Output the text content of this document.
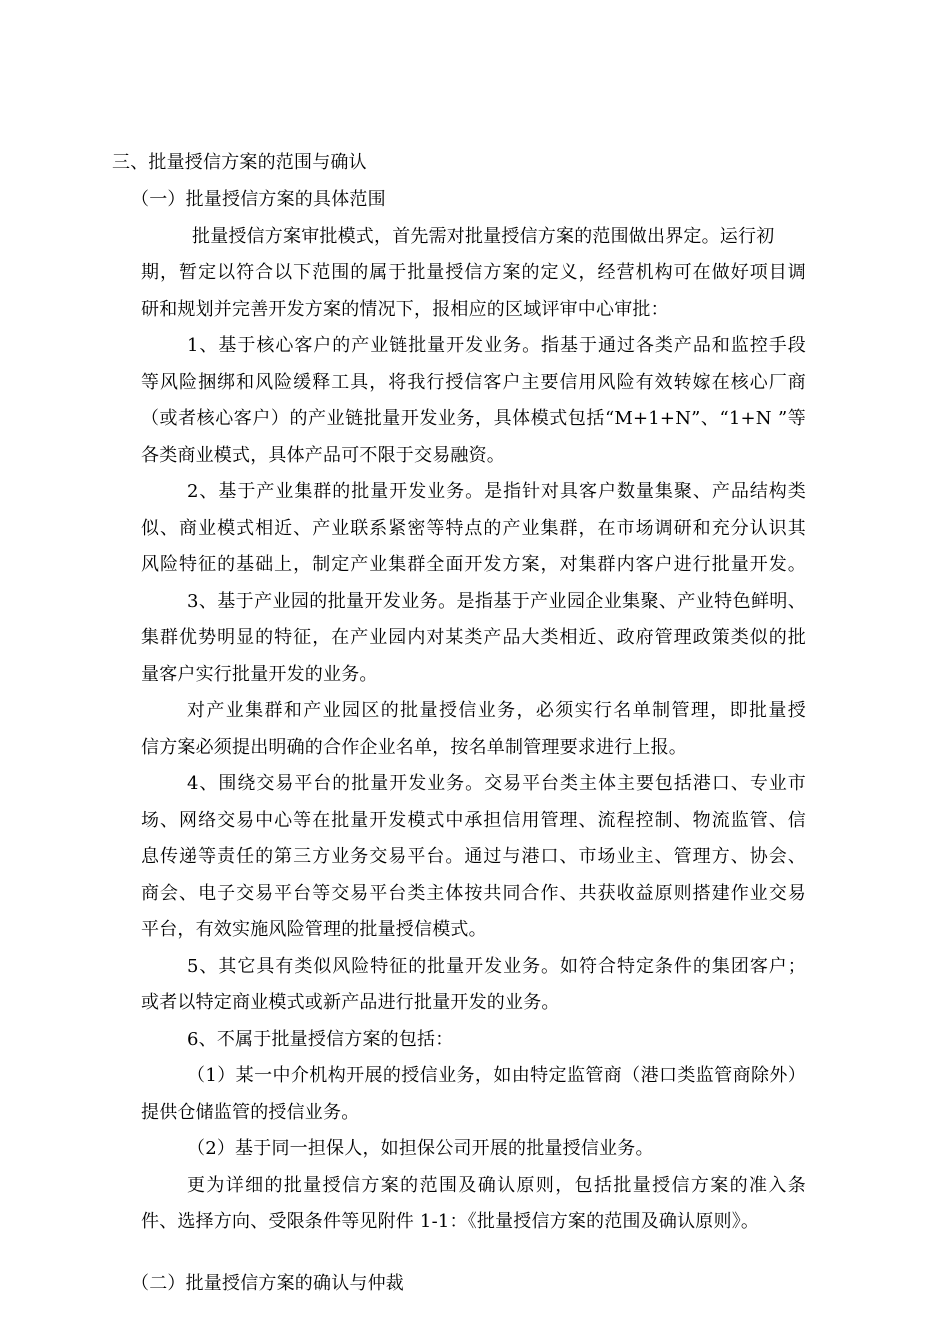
三、批量授信方案的范围与确认
（一）批量授信方案的具体范围
批量授信方案审批模式，首先需对批量授信方案的范围做出界定。运行初
期，暂定以符合以下范围的属于批量授信方案的定义，经营机构可在做好项目调
研和规划并完善开发方案的情况下，报相应的区域评审中心审批：
1、基于核心客户的产业链批量开发业务。指基于通过各类产品和监控手段
等风险捆绑和风险缓释工具，将我行授信客户主要信用风险有效转嫁在核心厂商
（或者核心客户）的产业链批量开发业务，具体模式包括“M+1+N”、“1+N ”等
各类商业模式，具体产品可不限于交易融资。
2、基于产业集群的批量开发业务。是指针对具客户数量集聚、产品结构类
似、商业模式相近、产业联系紧密等特点的产业集群，在市场调研和充分认识其
风险特征的基础上，制定产业集群全面开发方案，对集群内客户进行批量开发。
3、基于产业园的批量开发业务。是指基于产业园企业集聚、产业特色鲜明、
集群优势明显的特征，在产业园内对某类产品大类相近、政府管理政策类似的批
量客户实行批量开发的业务。
对产业集群和产业园区的批量授信业务，必须实行名单制管理，即批量授
信方案必须提出明确的合作企业名单，按名单制管理要求进行上报。
4、围绕交易平台的批量开发业务。交易平台类主体主要包括港口、专业市
场、网络交易中心等在批量开发模式中承担信用管理、流程控制、物流监管、信
息传递等责任的第三方业务交易平台。通过与港口、市场业主、管理方、协会、
商会、电子交易平台等交易平台类主体按共同合作、共获收益原则搭建作业交易
平台，有效实施风险管理的批量授信模式。
5、其它具有类似风险特征的批量开发业务。如符合特定条件的集团客户；
或者以特定商业模式或新产品进行批量开发的业务。
6、不属于批量授信方案的包括：
（1）某一中介机构开展的授信业务，如由特定监管商（港口类监管商除外）
提供仓储监管的授信业务。
（2）基于同一担保人，如担保公司开展的批量授信业务。
更为详细的批量授信方案的范围及确认原则，包括批量授信方案的准入条
件、选择方向、受限条件等见附件 1-1：《批量授信方案的范围及确认原则》。
（二）批量授信方案的确认与仲裁
